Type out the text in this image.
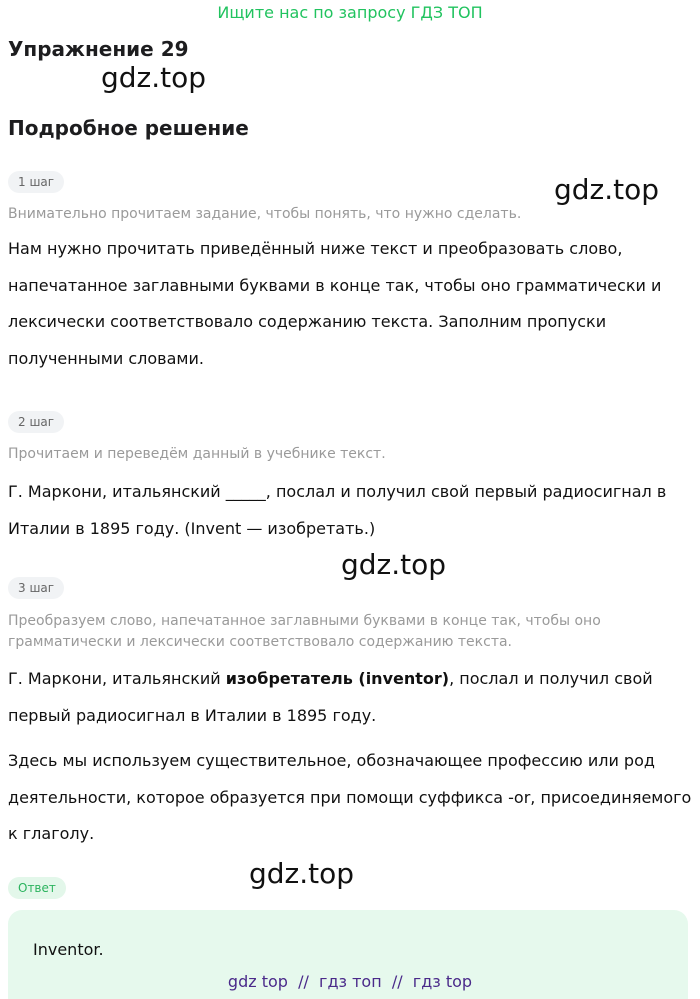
Ищите нас по запросу ГДЗ ТОП
Упражнение 29
gdz.top
gdz.top
gdz.top
gdz.top
Подробное решение
1 шаг
Внимательно прочитаем задание, чтобы понять, что нужно сделать.
Нам нужно прочитать приведённый ниже текст и преобразовать слово, напечатанное заглавными буквами в конце так, чтобы оно грамматически и лексически соответствовало содержанию текста. Заполним пропуски полученными словами.
2 шаг
Прочитаем и переведём данный в учебнике текст.
Г. Маркони, итальянский _____, послал и получил свой первый радиосигнал в Италии в 1895 году. (Invent — изобретать.)
3 шаг
Преобразуем слово, напечатанное заглавными буквами в конце так, чтобы оно грамматически и лексически соответствовало содержанию текста.
Г. Маркони, итальянский изобретатель (inventor), послал и получил свой первый радиосигнал в Италии в 1895 году.
Здесь мы используем существительное, обозначающее профессию или род деятельности, которое образуется при помощи суффикса -or, присоединяемого к глаголу.
Ответ
Inventor.
gdz top  //  гдз топ  //  гдз top
